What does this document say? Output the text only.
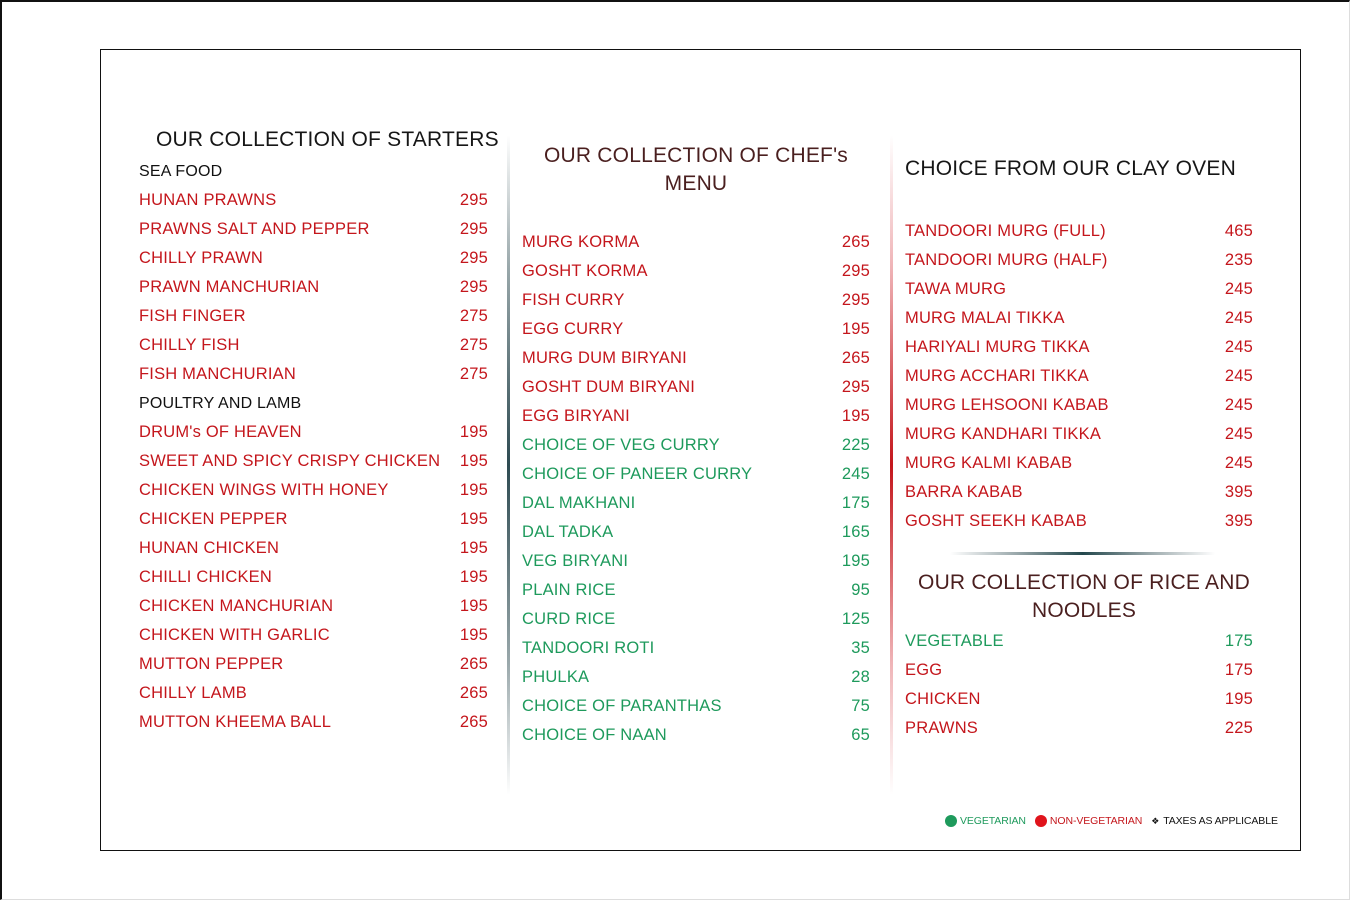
OUR COLLECTION OF STARTERS
SEA FOOD
HUNAN PRAWNS	295
PRAWNS SALT AND PEPPER	295
CHILLY PRAWN	295
PRAWN MANCHURIAN	295
FISH FINGER	275
CHILLY FISH	275
FISH MANCHURIAN	275
POULTRY AND LAMB
DRUM's OF HEAVEN	195
SWEET AND SPICY CRISPY CHICKEN	195
CHICKEN WINGS WITH HONEY	195
CHICKEN PEPPER	195
HUNAN CHICKEN	195
CHILLI CHICKEN	195
CHICKEN MANCHURIAN	195
CHICKEN WITH GARLIC	195
MUTTON PEPPER	265
CHILLY LAMB	265
MUTTON KHEEMA BALL	265
OUR COLLECTION OF CHEF's MENU
MURG KORMA	265
GOSHT KORMA	295
FISH CURRY	295
EGG CURRY	195
MURG DUM BIRYANI	265
GOSHT DUM BIRYANI	295
EGG BIRYANI	195
CHOICE OF VEG CURRY	225
CHOICE OF PANEER CURRY	245
DAL MAKHANI	175
DAL TADKA	165
VEG BIRYANI	195
PLAIN RICE	95
CURD RICE	125
TANDOORI ROTI	35
PHULKA	28
CHOICE OF PARANTHAS	75
CHOICE OF NAAN	65
CHOICE FROM OUR CLAY OVEN
TANDOORI MURG (FULL)	465
TANDOORI MURG (HALF)	235
TAWA MURG	245
MURG MALAI TIKKA	245
HARIYALI MURG TIKKA	245
MURG ACCHARI TIKKA	245
MURG LEHSOONI KABAB	245
MURG KANDHARI TIKKA	245
MURG KALMI KABAB	245
BARRA KABAB	395
GOSHT SEEKH KABAB	395
OUR COLLECTION OF RICE AND NOODLES
VEGETABLE	175
EGG	175
CHICKEN	195
PRAWNS	225
VEGETARIAN NON-VEGETARIAN ❖ TAXES AS APPLICABLE
